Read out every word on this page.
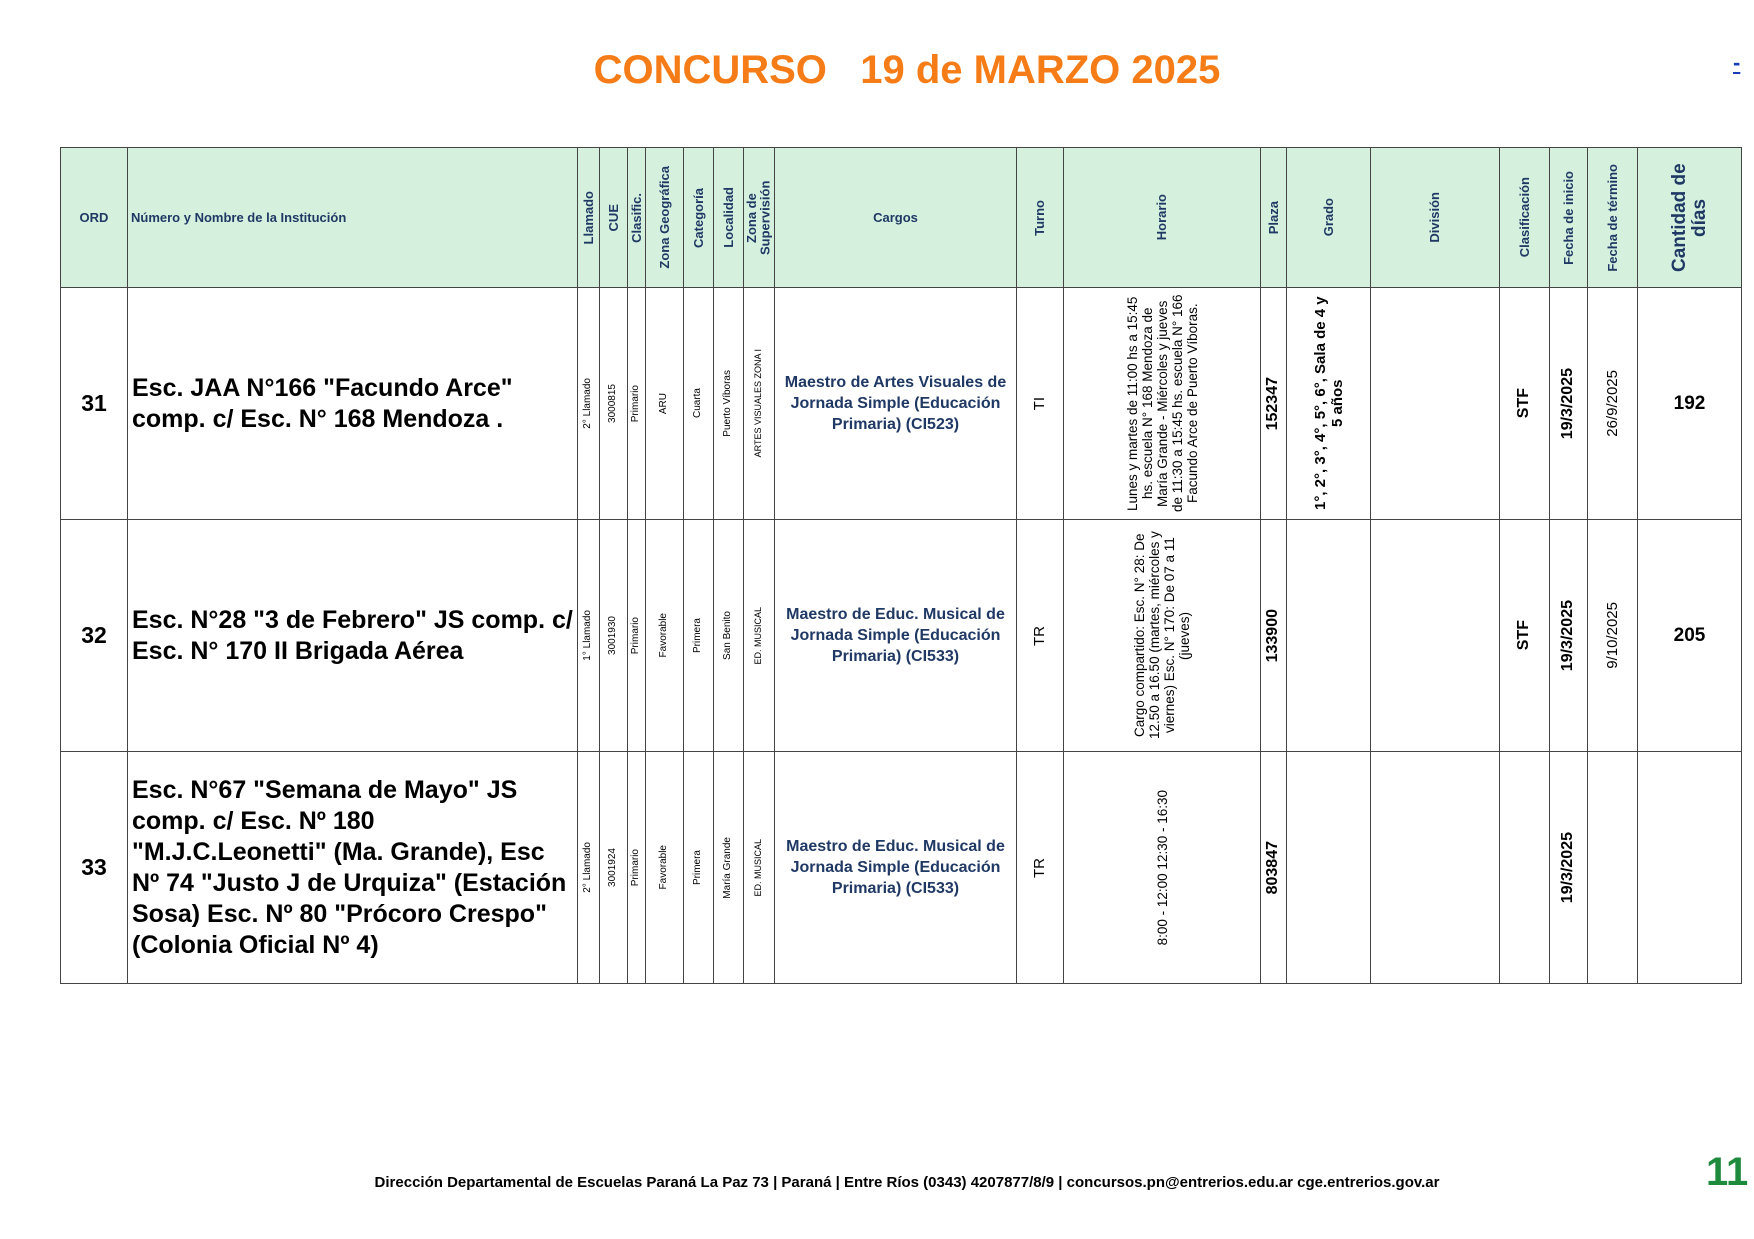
CONCURSO   19 de MARZO 2025	-
ORD	Número y Nombre de la Institución	Llamado	CUE	Clasific.	Zona Geográfica	Categoría	Localidad	Zona de Supervisión	Cargos	Turno	Horario	Plaza	Grado	División	Clasificación	Fecha de inicio	Fecha de término	Cantidad de días

31	Esc. JAA N°166 "Facundo Arce" comp. c/ Esc. N° 168 Mendoza .	2° Llamado	3000815	Primario	ARU	Cuarta	Puerto Víboras	ARTES VISUALES ZONA I	Maestro de Artes Visuales de Jornada Simple (Educación Primaria) (CI523)	TI	Lunes y martes de 11:00 hs a 15:45 hs. escuela N° 168 Mendoza de María Grande - Miércoles y jueves de 11:30 a 15:45 hs. escuela N° 166 Facundo Arce de Puerto Víboras.	152347	1°, 2°, 3°, 4°, 5°, 6°, Sala de 4 y 5 años		STF	19/3/2025	26/9/2025	192
32	Esc. N°28 "3 de Febrero" JS comp. c/ Esc. N° 170 II Brigada Aérea	1° Llamado	3001930	Primario	Favorable	Primera	San Benito	ED. MUSICAL	Maestro de Educ. Musical de Jornada Simple (Educación Primaria) (CI533)	TR	Cargo compartido: Esc. N° 28: De 12.50 a 16.50 (martes, miércoles y viernes) Esc. N° 170: De 07 a 11 (jueves)	133900			STF	19/3/2025	9/10/2025	205
33	Esc. N°67 "Semana de Mayo" JS comp. c/ Esc. Nº 180 "M.J.C.Leonetti" (Ma. Grande), Esc Nº 74 "Justo J de Urquiza" (Estación Sosa) Esc. Nº 80 "Prócoro Crespo" (Colonia Oficial Nº 4)	2° Llamado	3001924	Primario	Favorable	Primera	María Grande	ED. MUSICAL	Maestro de Educ. Musical de Jornada Simple (Educación Primaria) (CI533)	TR	8:00 - 12:00 12:30 - 16:30	803847				19/3/2025		

Dirección Departamental de Escuelas Paraná La Paz 73 | Paraná | Entre Ríos (0343) 4207877/8/9 | concursos.pn@entrerios.edu.ar cge.entrerios.gov.ar	11
